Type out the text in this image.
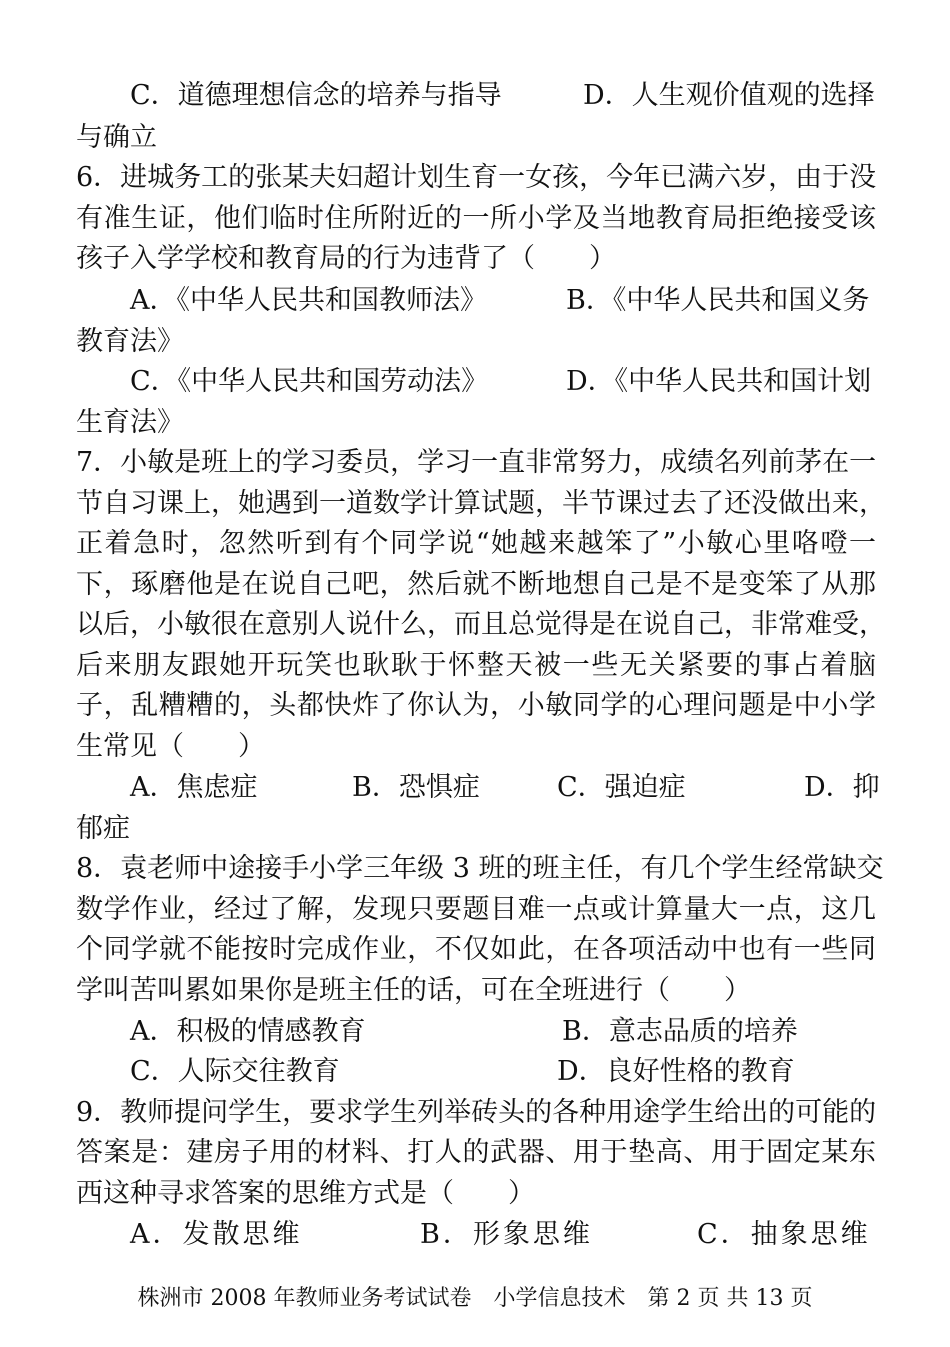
C．道德理想信念的培养与指导	D．人生观价值观的选择
与确立
6．进城务工的张某夫妇超计划生育一女孩，今年已满六岁，由于没
有准生证，他们临时住所附近的一所小学及当地教育局拒绝接受该
孩子入学学校和教育局的行为违背了（　　）
A．《中华人民共和国教师法》	B．《中华人民共和国义务
教育法》
C．《中华人民共和国劳动法》	D．《中华人民共和国计划
生育法》
7．小敏是班上的学习委员，学习一直非常努力，成绩名列前茅在一
节自习课上，她遇到一道数学计算试题，半节课过去了还没做出来，
正着急时，忽然听到有个同学说“她越来越笨了”小敏心里咯噔一
下，琢磨他是在说自己吧，然后就不断地想自己是不是变笨了从那
以后，小敏很在意别人说什么，而且总觉得是在说自己，非常难受，
后来朋友跟她开玩笑也耿耿于怀整天被一些无关紧要的事占着脑
子，乱糟糟的，头都快炸了你认为，小敏同学的心理问题是中小学
生常见（　　）
A．焦虑症	B．恐惧症	C．强迫症	D．抑
郁症
8．袁老师中途接手小学三年级 3 班的班主任，有几个学生经常缺交
数学作业，经过了解，发现只要题目难一点或计算量大一点，这几
个同学就不能按时完成作业，不仅如此，在各项活动中也有一些同
学叫苦叫累如果你是班主任的话，可在全班进行（　　）
A．积极的情感教育	B．意志品质的培养
C．人际交往教育	D．良好性格的教育
9．教师提问学生，要求学生列举砖头的各种用途学生给出的可能的
答案是：建房子用的材料、打人的武器、用于垫高、用于固定某东
西这种寻求答案的思维方式是（　　）
A．发散思维	B．形象思维	C．抽象思维
株洲市 2008 年教师业务考试试卷　小学信息技术　第 2 页 共 13 页
